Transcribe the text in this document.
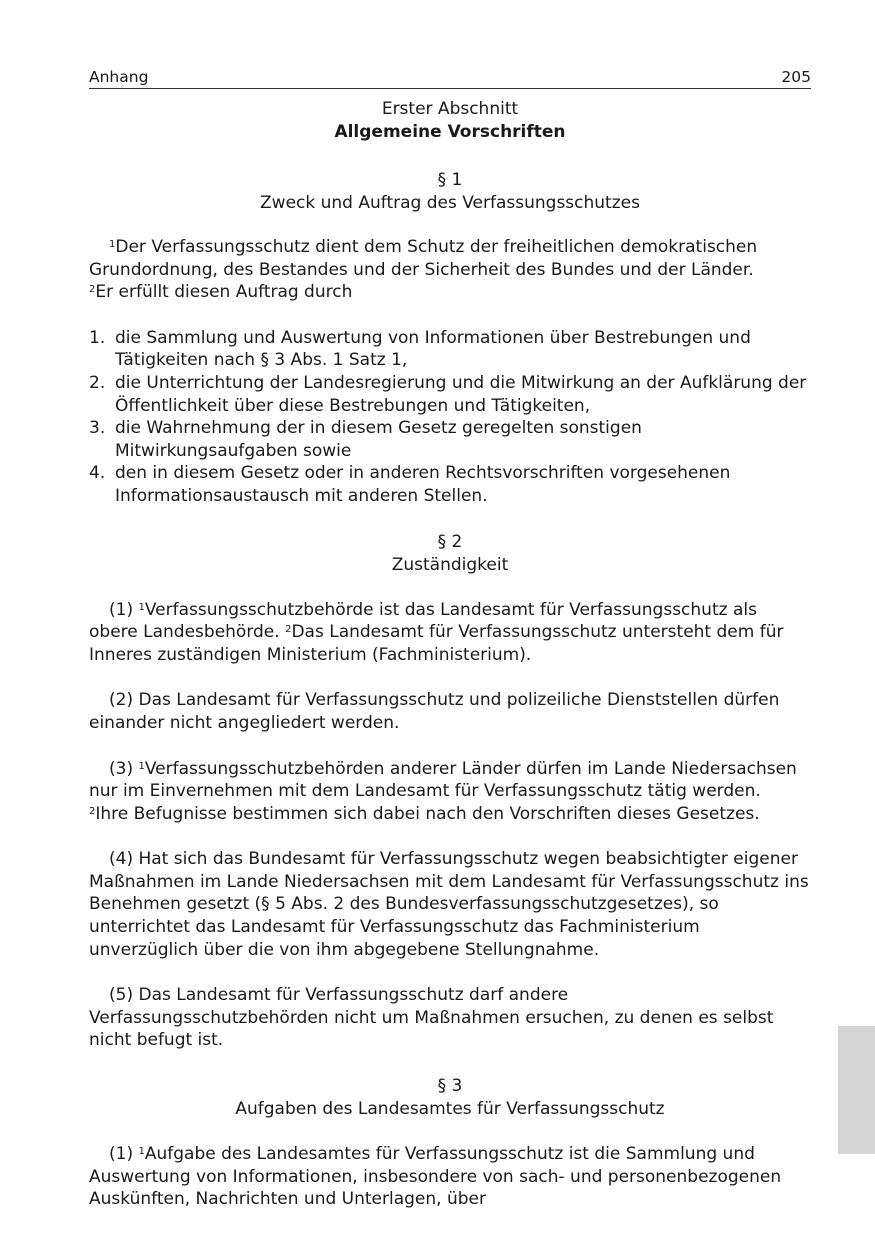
Anhang	205
Erster Abschnitt
Allgemeine Vorschriften
§ 1
Zweck und Auftrag des Verfassungsschutzes

$^1$Der Verfassungsschutz dient dem Schutz der freiheitlichen demokratischen Grundordnung, des Bestandes und der Sicherheit des Bundes und der Länder.
$^2$Er erfüllt diesen Auftrag durch

1. die Sammlung und Auswertung von Informationen über Bestrebungen und Tätigkeiten nach § 3 Abs. 1 Satz 1,
2. die Unterrichtung der Landesregierung und die Mitwirkung an der Aufklärung der Öffentlichkeit über diese Bestrebungen und Tätigkeiten,
3. die Wahrnehmung der in diesem Gesetz geregelten sonstigen Mitwirkungsaufgaben sowie
4. den in diesem Gesetz oder in anderen Rechtsvorschriften vorgesehenen Informationsaustausch mit anderen Stellen.
§ 2
Zuständigkeit

(1) $^1$Verfassungsschutzbehörde ist das Landesamt für Verfassungsschutz als obere Landesbehörde. $^2$Das Landesamt für Verfassungsschutz untersteht dem für Inneres zuständigen Ministerium (Fachministerium).

(2) Das Landesamt für Verfassungsschutz und polizeiliche Dienststellen dürfen einander nicht angegliedert werden.

(3) $^1$Verfassungsschutzbehörden anderer Länder dürfen im Lande Niedersachsen nur im Einvernehmen mit dem Landesamt für Verfassungsschutz tätig werden.
$^2$Ihre Befugnisse bestimmen sich dabei nach den Vorschriften dieses Gesetzes.

(4) Hat sich das Bundesamt für Verfassungsschutz wegen beabsichtigter eigener Maßnahmen im Lande Niedersachsen mit dem Landesamt für Verfassungsschutz ins Benehmen gesetzt (§ 5 Abs. 2 des Bundesverfassungsschutzgesetzes), so unterrichtet das Landesamt für Verfassungsschutz das Fachministerium unverzüglich über die von ihm abgegebene Stellungnahme.

(5) Das Landesamt für Verfassungsschutz darf andere Verfassungsschutzbehörden nicht um Maßnahmen ersuchen, zu denen es selbst nicht befugt ist.

§ 3
Aufgaben des Landesamtes für Verfassungsschutz

(1) $^1$Aufgabe des Landesamtes für Verfassungsschutz ist die Sammlung und Auswertung von Informationen, insbesondere von sach- und personenbezogenen Auskünften, Nachrichten und Unterlagen, über
